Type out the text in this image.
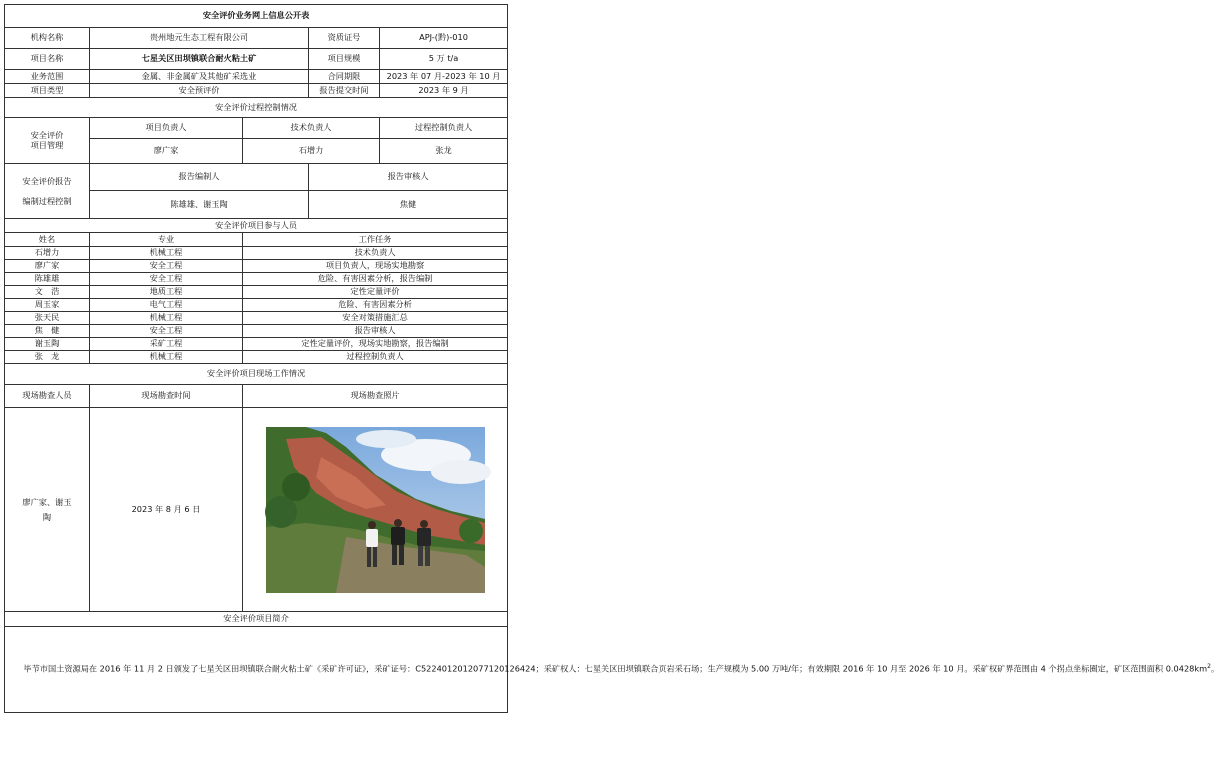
安全评价业务网上信息公开表				
机构名称	贵州地元生态工程有限公司		资质证号	APJ-(黔)-010
项目名称	七星关区田坝镇联合耐火粘土矿		项目规模	5 万 t/a
业务范围	金属、非金属矿及其他矿采选业		合同期限	2023 年 07 月-2023 年 10 月
项目类型	安全预评价		报告提交时间	2023 年 9 月
安全评价过程控制情况				
安全评价
项目管理	项目负责人	技术负责人		过程控制负责人
	廖广家	石增力		张龙
安全评价报告
编制过程控制	报告编制人		报告审核人	
	陈雄雄、谢玉陶		焦健	
安全评价项目参与人员				
姓名	专业	工作任务		
石增力	机械工程	技术负责人		
廖广家	安全工程	项目负责人，现场实地勘察		
陈雄雄	安全工程	危险、有害因素分析，报告编制		
文　浩	地质工程	定性定量评价		
周玉家	电气工程	危险、有害因素分析		
张天民	机械工程	安全对策措施汇总		
焦　健	安全工程	报告审核人		
谢玉陶	采矿工程	定性定量评价，现场实地勘察，报告编制		
张　龙	机械工程	过程控制负责人		
安全评价项目现场工作情况				
现场勘查人员	现场勘查时间	现场勘查照片		
廖广家、谢玉
陶	2023 年 8 月 6 日	

安全评价项目简介				
  毕节市国土资源局在 2016 年 11 月 2 日颁发了七星关区田坝镇联合耐火粘土矿《采矿许可证》，采矿证号：C5224012012077120126424；采矿权人：七星关区田坝镇联合页岩采石场；生产规模为 5.00 万吨/年；有效期限 2016 年 10 月至 2026 年 10 月。采矿权矿界范围由 4 个拐点坐标圈定，矿区范围面积 $0.0428km^2$。				
